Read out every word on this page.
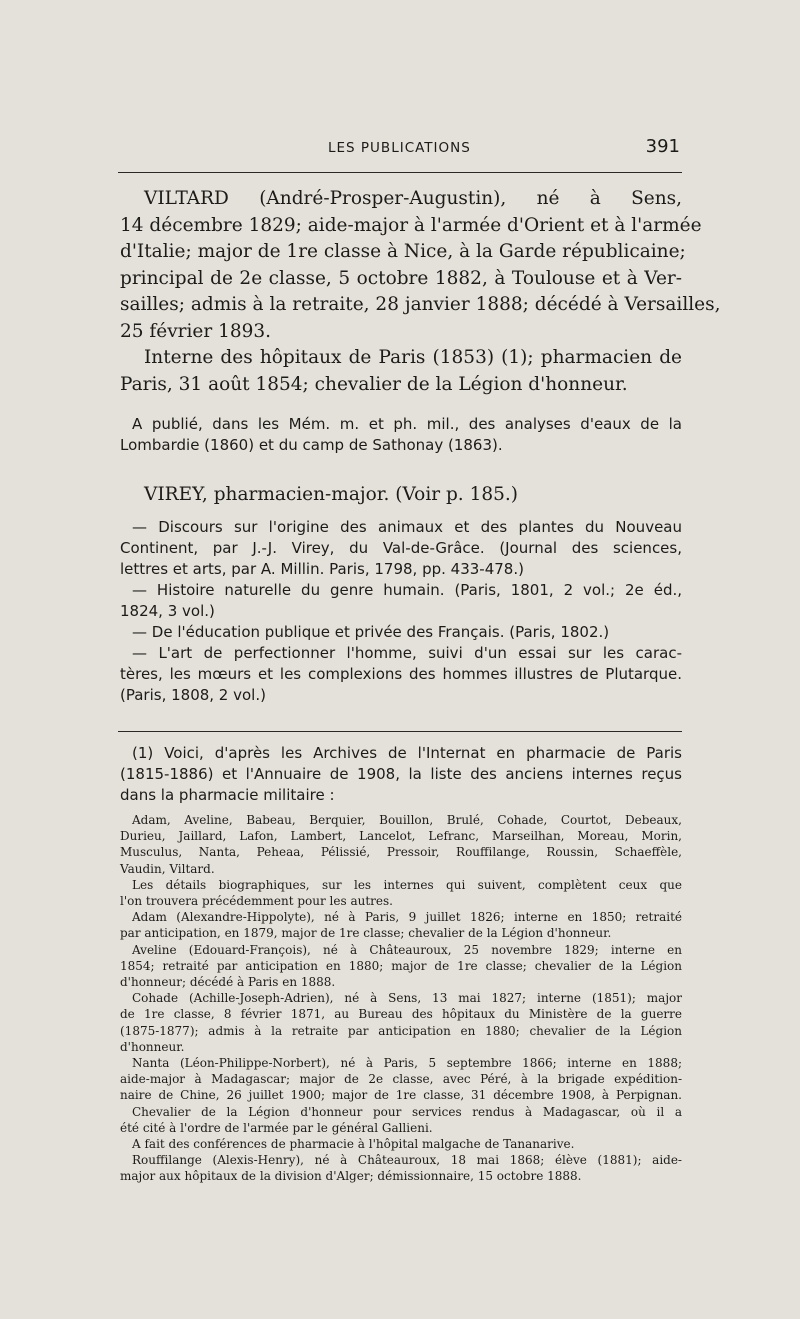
LES PUBLICATIONS	391

VILTARD (André-Prosper-Augustin), né à Sens,

14 décembre 1829; aide-major à l'armée d'Orient et à l'armée

d'Italie; major de 1re classe à Nice, à la Garde républicaine;

principal de 2e classe, 5 octobre 1882, à Toulouse et à Ver-

sailles; admis à la retraite, 28 janvier 1888; décédé à Versailles,

25 février 1893.

Interne des hôpitaux de Paris (1853) (1); pharmacien de

Paris, 31 août 1854; chevalier de la Légion d'honneur.

A publié, dans les Mém. m. et ph. mil., des analyses d'eaux de la

Lombardie (1860) et du camp de Sathonay (1863).

VIREY, pharmacien-major. (Voir p. 185.)

— Discours sur l'origine des animaux et des plantes du Nouveau

Continent, par J.-J. Virey, du Val-de-Grâce. (Journal des sciences,

lettres et arts, par A. Millin. Paris, 1798, pp. 433-478.)

— Histoire naturelle du genre humain. (Paris, 1801, 2 vol.; 2e éd.,

1824, 3 vol.)

— De l'éducation publique et privée des Français. (Paris, 1802.)

— L'art de perfectionner l'homme, suivi d'un essai sur les carac-

tères, les mœurs et les complexions des hommes illustres de Plutarque.

(Paris, 1808, 2 vol.)

(1) Voici, d'après les Archives de l'Internat en pharmacie de Paris

(1815-1886) et l'Annuaire de 1908, la liste des anciens internes reçus

dans la pharmacie militaire :

Adam, Aveline, Babeau, Berquier, Bouillon, Brulé, Cohade, Courtot, Debeaux,

Durieu, Jaillard, Lafon, Lambert, Lancelot, Lefranc, Marseilhan, Moreau, Morin,

Musculus, Nanta, Peheaa, Pélissié, Pressoir, Rouffilange, Roussin, Schaeffèle,

Vaudin, Viltard.

Les détails biographiques, sur les internes qui suivent, complètent ceux que

l'on trouvera précédemment pour les autres.

Adam (Alexandre-Hippolyte), né à Paris, 9 juillet 1826; interne en 1850; retraité

par anticipation, en 1879, major de 1re classe; chevalier de la Légion d'honneur.

Aveline (Edouard-François), né à Châteauroux, 25 novembre 1829; interne en

1854; retraité par anticipation en 1880; major de 1re classe; chevalier de la Légion

d'honneur; décédé à Paris en 1888.

Cohade (Achille-Joseph-Adrien), né à Sens, 13 mai 1827; interne (1851); major

de 1re classe, 8 février 1871, au Bureau des hôpitaux du Ministère de la guerre

(1875-1877); admis à la retraite par anticipation en 1880; chevalier de la Légion

d'honneur.

Nanta (Léon-Philippe-Norbert), né à Paris, 5 septembre 1866; interne en 1888;

aide-major à Madagascar; major de 2e classe, avec Péré, à la brigade expédition-

naire de Chine, 26 juillet 1900; major de 1re classe, 31 décembre 1908, à Perpignan.

Chevalier de la Légion d'honneur pour services rendus à Madagascar, où il a

été cité à l'ordre de l'armée par le général Gallieni.

A fait des conférences de pharmacie à l'hôpital malgache de Tananarive.

Rouffilange (Alexis-Henry), né à Châteauroux, 18 mai 1868; élève (1881); aide-

major aux hôpitaux de la division d'Alger; démissionnaire, 15 octobre 1888.
